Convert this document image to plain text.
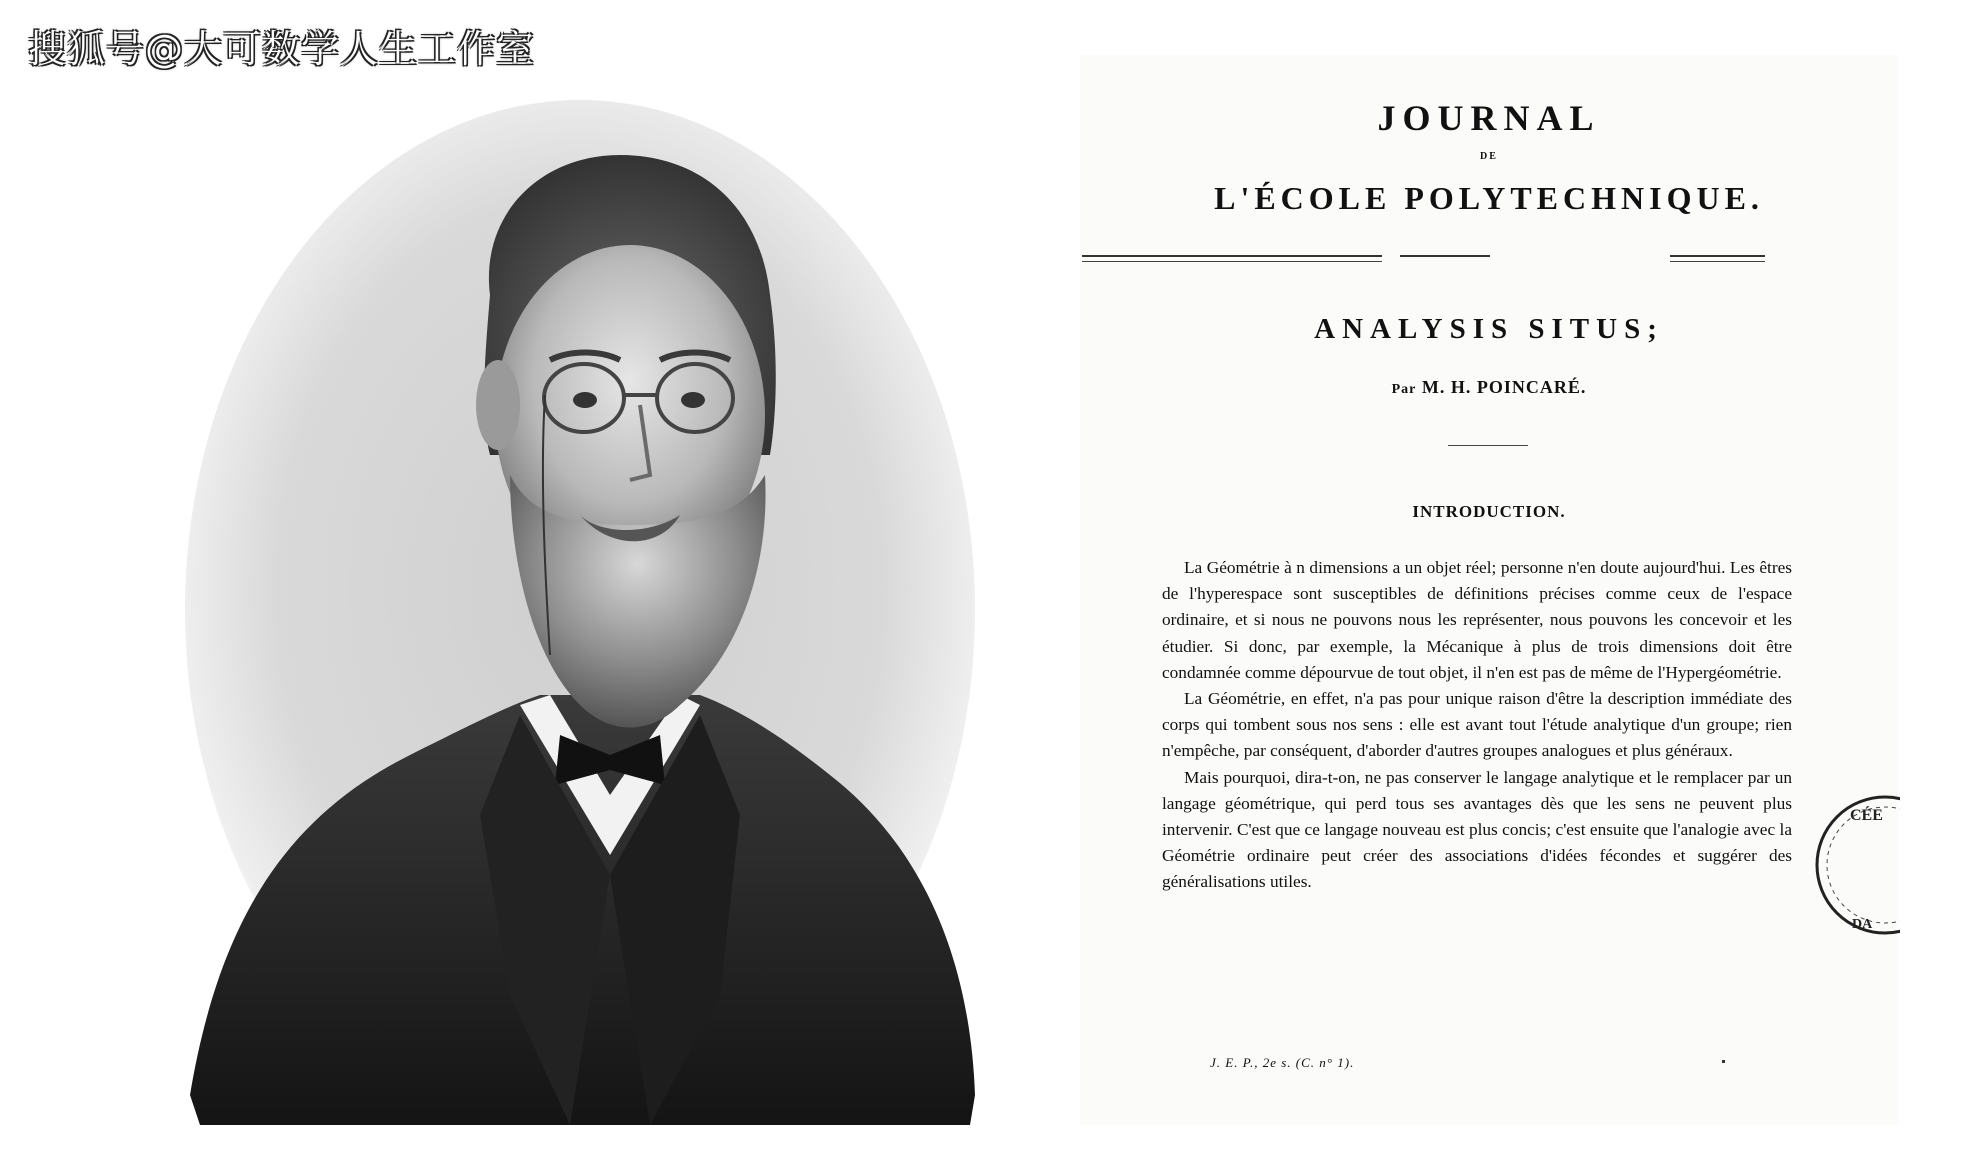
搜狐号@大可数学人生工作室
JOURNAL
DE
L'ÉCOLE POLYTECHNIQUE.
ANALYSIS SITUS;
Par M. H. POINCARÉ.
INTRODUCTION.

La Géométrie à n dimensions a un objet réel; personne n'en doute aujourd'hui. Les êtres de l'hyperespace sont susceptibles de définitions précises comme ceux de l'espace ordinaire, et si nous ne pouvons nous les représenter, nous pouvons les concevoir et les étudier. Si donc, par exemple, la Mécanique à plus de trois dimensions doit être condamnée comme dépourvue de tout objet, il n'en est pas de même de l'Hypergéométrie.

La Géométrie, en effet, n'a pas pour unique raison d'être la description immédiate des corps qui tombent sous nos sens : elle est avant tout l'étude analytique d'un groupe; rien n'empêche, par conséquent, d'aborder d'autres groupes analogues et plus généraux.

Mais pourquoi, dira-t-on, ne pas conserver le langage analytique et le remplacer par un langage géométrique, qui perd tous ses avantages dès que les sens ne peuvent plus intervenir. C'est que ce langage nouveau est plus concis; c'est ensuite que l'analogie avec la Géométrie ordinaire peut créer des associations d'idées fécondes et suggérer des généralisations utiles.

J. E. P., 2e s. (C. n° 1).
CÉE
DA
